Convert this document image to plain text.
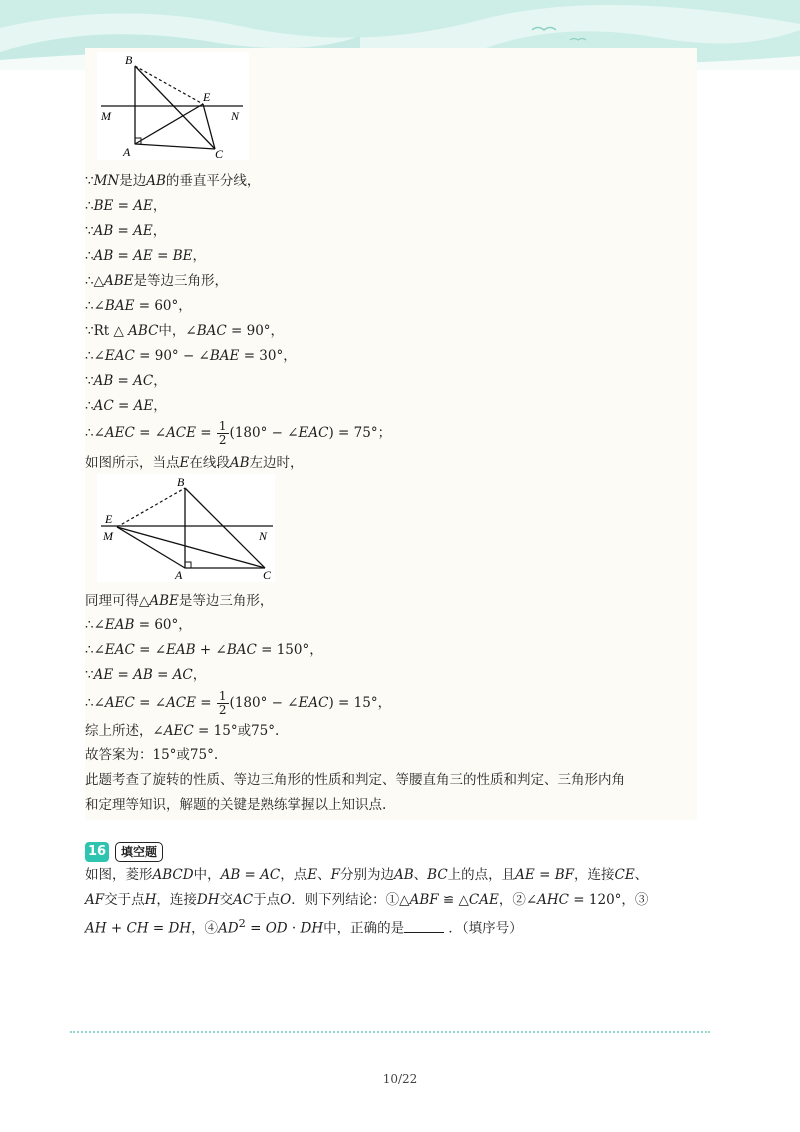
B
E
M	N
A	C
B
E
M	N
A	C
∵MN是边AB的垂直平分线，
∴BE = AE，
∵AB = AE，
∴AB = AE = BE，
∴△ABE是等边三角形，
∴∠BAE = 60°，
∵Rt △ ABC中，∠BAC = 90°，
∴∠EAC = 90° − ∠BAE = 30°，
∵AB = AC，
∴AC = AE，
∴∠AEC = ∠ACE = $\frac{1}{2} (180^\circ$ − ∠EAC) = 75°；
如图所示，当点E在线段AB左边时，
同理可得△ABE是等边三角形，
∴∠EAB = 60°，
∴∠EAC = ∠EAB + ∠BAC = 150°，
∵AE = AB = AC，
∴∠AEC = ∠ACE = $\frac{1}{2} (180^\circ$ − ∠EAC) = 15°，
综上所述，∠AEC = 15°或75°.
故答案为：15°或75°.
此题考查了旋转的性质、等边三角形的性质和判定、等腰直角三的性质和判定、三角形内角
和定理等知识，解题的关键是熟练掌握以上知识点.
16	填空题
如图，菱形ABCD中，AB = AC，点E、F分别为边AB、BC上的点，且AE = BF，连接CE、
AF交于点H，连接DH交AC于点O．则下列结论：①△ABF ≌ △CAE，②∠AHC = 120°，③
AH + CH = DH，$④AD^2$ = OD · DH中，正确的是	．（填序号）
10/22
